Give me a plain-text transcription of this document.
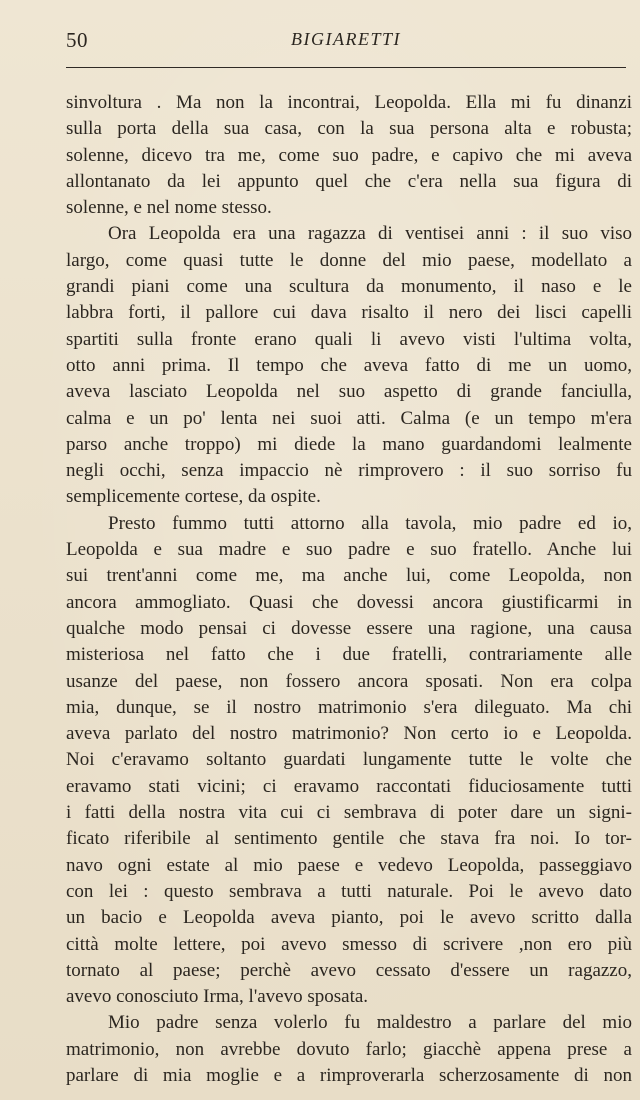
50	BIGIARETTI

sinvoltura . Ma non la incontrai, Leopolda. Ella mi fu dinanzi
sulla porta della sua casa, con la sua persona alta e robusta;
solenne, dicevo tra me, come suo padre, e capivo che mi aveva
allontanato da lei appunto quel che c'era nella sua figura di
solenne, e nel nome stesso.

Ora Leopolda era una ragazza di ventisei anni : il suo viso
largo, come quasi tutte le donne del mio paese, modellato a
grandi piani come una scultura da monumento, il naso e le
labbra forti, il pallore cui dava risalto il nero dei lisci capelli
spartiti sulla fronte erano quali li avevo visti l'ultima volta,
otto anni prima. Il tempo che aveva fatto di me un uomo,
aveva lasciato Leopolda nel suo aspetto di grande fanciulla,
calma e un po' lenta nei suoi atti. Calma (e un tempo m'era
parso anche troppo) mi diede la mano guardandomi lealmente
negli occhi, senza impaccio nè rimprovero : il suo sorriso fu
semplicemente cortese, da ospite.

Presto fummo tutti attorno alla tavola, mio padre ed io,
Leopolda e sua madre e suo padre e suo fratello. Anche lui
sui trent'anni come me, ma anche lui, come Leopolda, non
ancora ammogliato. Quasi che dovessi ancora giustificarmi in
qualche modo pensai ci dovesse essere una ragione, una causa
misteriosa nel fatto che i due fratelli, contrariamente alle
usanze del paese, non fossero ancora sposati. Non era colpa
mia, dunque, se il nostro matrimonio s'era dileguato. Ma chi
aveva parlato del nostro matrimonio? Non certo io e Leopolda.
Noi c'eravamo soltanto guardati lungamente tutte le volte che
eravamo stati vicini; ci eravamo raccontati fiduciosamente tutti
i fatti della nostra vita cui ci sembrava di poter dare un signi-
ficato riferibile al sentimento gentile che stava fra noi. Io tor-
navo ogni estate al mio paese e vedevo Leopolda, passeggiavo
con lei : questo sembrava a tutti naturale. Poi le avevo dato
un bacio e Leopolda aveva pianto, poi le avevo scritto dalla
città molte lettere, poi avevo smesso di scrivere ,non ero più
tornato al paese; perchè avevo cessato d'essere un ragazzo,
avevo conosciuto Irma, l'avevo sposata.

Mio padre senza volerlo fu maldestro a parlare del mio
matrimonio, non avrebbe dovuto farlo; giacchè appena prese a
parlare di mia moglie e a rimproverarla scherzosamente di non
